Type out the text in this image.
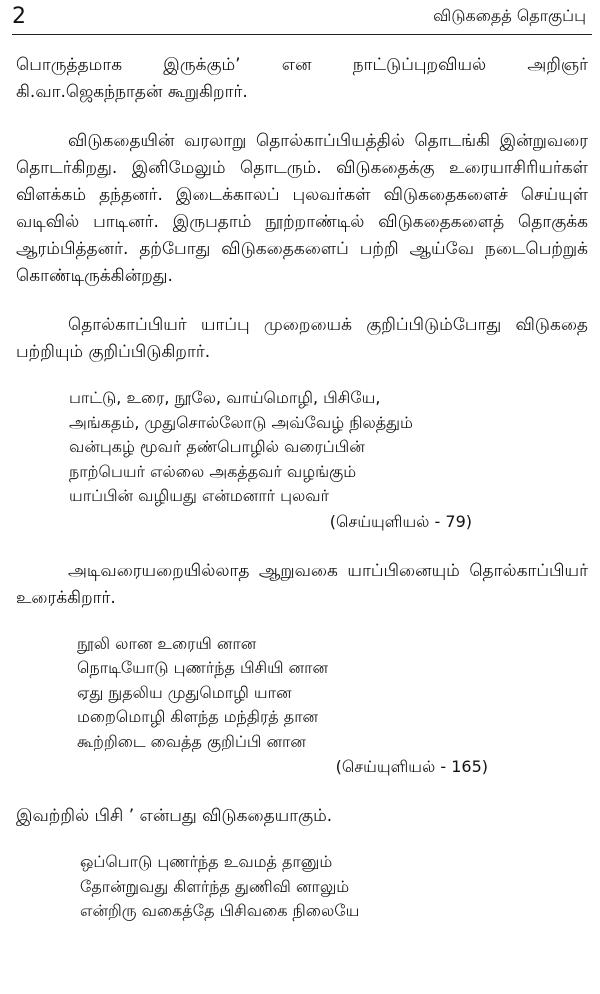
2	விடுகதைத் தொகுப்பு

பொருத்தமாக இருக்கும்’ என நாட்டுப்புறவியல் அறிஞர் கி.வா.ஜெகந்நாதன் கூறுகிறார்.

விடுகதையின் வரலாறு தொல்காப்பியத்தில் தொடங்கி இன்றுவரை தொடர்கிறது. இனிமேலும் தொடரும். விடுகதைக்கு உரையாசிரியர்கள் விளக்கம் தந்தனர். இடைக்காலப் புலவர்கள் விடுகதைகளைச் செய்யுள் வடிவில் பாடினர். இருபதாம் நூற்றாண்டில் விடுகதைகளைத் தொகுக்க ஆரம்பித்தனர். தற்போது விடுகதைகளைப் பற்றி ஆய்வே நடைபெற்றுக் கொண்டிருக்கின்றது.

தொல்காப்பியர் யாப்பு முறையைக் குறிப்பிடும்போது விடுகதை பற்றியும் குறிப்பிடுகிறார்.

பாட்டு, உரை, நூலே, வாய்மொழி, பிசியே,
அங்கதம், முதுசொல்லோடு அவ்வேழ் நிலத்தும்
வன்புகழ் மூவர் தண்பொழில் வரைப்பின்
நாற்பெயர் எல்லை அகத்தவர் வழங்கும்
யாப்பின் வழியது என்மனார் புலவர்
(செய்யுளியல் - 79)

அடிவரையறையில்லாத ஆறுவகை யாப்பினையும் தொல்காப்பியர் உரைக்கிறார்.

நூலி லான உரையி னான
நொடியோடு புணர்ந்த பிசியி னான
ஏது நுதலிய முதுமொழி யான
மறைமொழி கிளந்த மந்திரத் தான
கூற்றிடை வைத்த குறிப்பி னான
(செய்யுளியல் - 165)

இவற்றில் பிசி ’ என்பது விடுகதையாகும்.

ஒப்பொடு புணர்ந்த உவமத் தானும்
தோன்றுவது கிளர்ந்த துணிவி னாலும்
என்றிரு வகைத்தே பிசிவகை நிலையே
